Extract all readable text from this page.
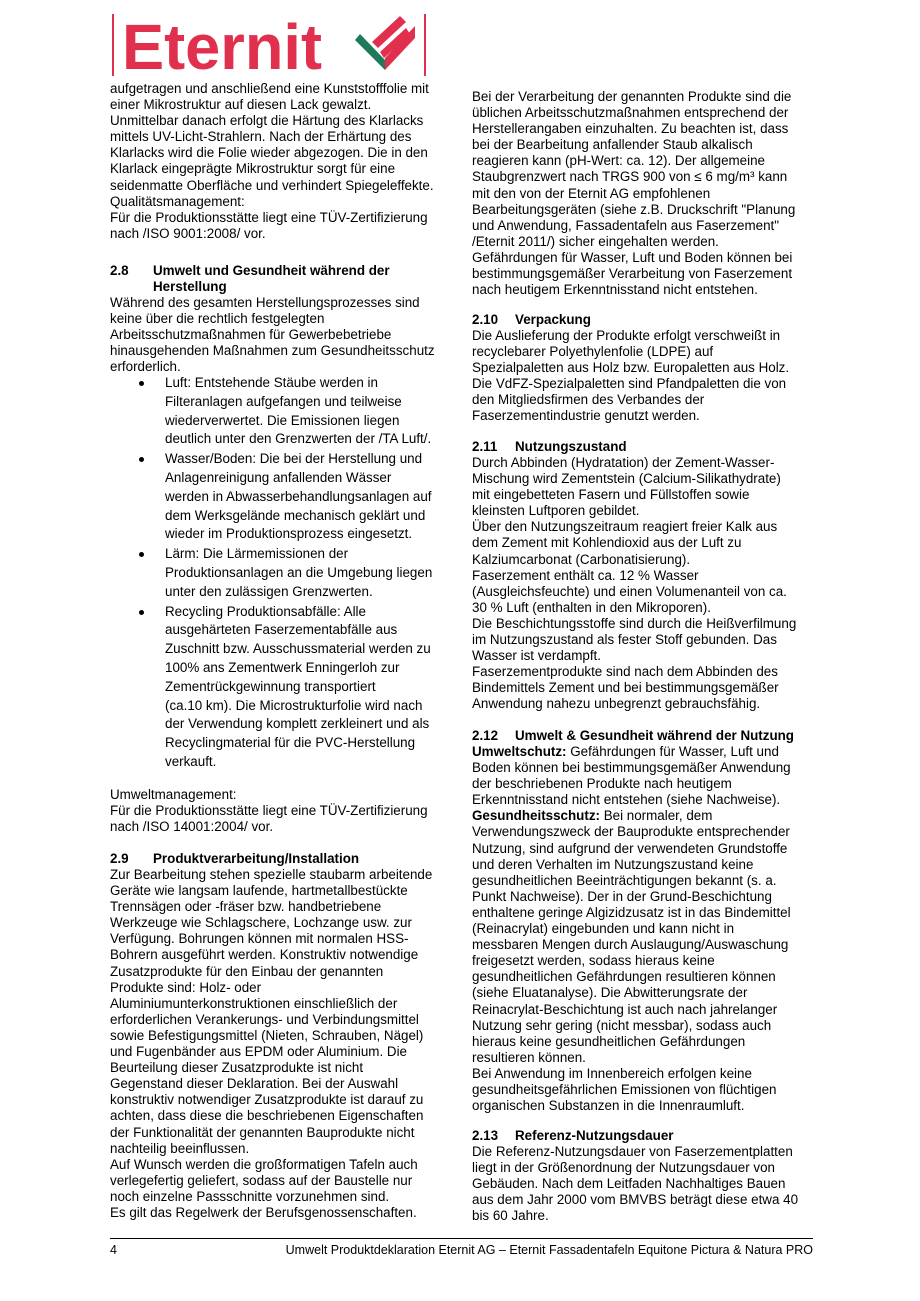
Eternit
aufgetragen und anschließend eine Kunststofffolie mit
einer Mikrostruktur auf diesen Lack gewalzt.
Unmittelbar danach erfolgt die Härtung des Klarlacks
mittels UV-Licht-Strahlern. Nach der Erhärtung des
Klarlacks wird die Folie wieder abgezogen. Die in den
Klarlack eingeprägte Mikrostruktur sorgt für eine
seidenmatte Oberfläche und verhindert Spiegeleffekte.
Qualitätsmanagement:
Für die Produktionsstätte liegt eine TÜV-Zertifizierung
nach /ISO 9001:2008/ vor.
2.8 Umwelt und Gesundheit während der
Herstellung
Während des gesamten Herstellungsprozesses sind
keine über die rechtlich festgelegten
Arbeitsschutzmaßnahmen für Gewerbebetriebe
hinausgehenden Maßnahmen zum Gesundheitsschutz
erforderlich.
Luft: Entstehende Stäube werden in
Filteranlagen aufgefangen und teilweise
wiederverwertet. Die Emissionen liegen
deutlich unter den Grenzwerten der /TA Luft/.
Wasser/Boden: Die bei der Herstellung und
Anlagenreinigung anfallenden Wässer
werden in Abwasserbehandlungsanlagen auf
dem Werksgelände mechanisch geklärt und
wieder im Produktionsprozess eingesetzt.
Lärm: Die Lärmemissionen der
Produktionsanlagen an die Umgebung liegen
unter den zulässigen Grenzwerten.
Recycling Produktionsabfälle: Alle
ausgehärteten Faserzementabfälle aus
Zuschnitt bzw. Ausschussmaterial werden zu
100% ans Zementwerk Enningerloh zur
Zementrückgewinnung transportiert
(ca.10 km). Die Microstrukturfolie wird nach
der Verwendung komplett zerkleinert und als
Recyclingmaterial für die PVC-Herstellung
verkauft.
Umweltmanagement:
Für die Produktionsstätte liegt eine TÜV-Zertifizierung
nach /ISO 14001:2004/ vor.
2.9 Produktverarbeitung/Installation
Zur Bearbeitung stehen spezielle staubarm arbeitende
Geräte wie langsam laufende, hartmetallbestückte
Trennsägen oder -fräser bzw. handbetriebene
Werkzeuge wie Schlagschere, Lochzange usw. zur
Verfügung. Bohrungen können mit normalen HSS-
Bohrern ausgeführt werden. Konstruktiv notwendige
Zusatzprodukte für den Einbau der genannten
Produkte sind: Holz- oder
Aluminiumunterkonstruktionen einschließlich der
erforderlichen Verankerungs- und Verbindungsmittel
sowie Befestigungsmittel (Nieten, Schrauben, Nägel)
und Fugenbänder aus EPDM oder Aluminium. Die
Beurteilung dieser Zusatzprodukte ist nicht
Gegenstand dieser Deklaration. Bei der Auswahl
konstruktiv notwendiger Zusatzprodukte ist darauf zu
achten, dass diese die beschriebenen Eigenschaften
der Funktionalität der genannten Bauprodukte nicht
nachteilig beeinflussen.
Auf Wunsch werden die großformatigen Tafeln auch
verlegefertig geliefert, sodass auf der Baustelle nur
noch einzelne Passschnitte vorzunehmen sind.
Es gilt das Regelwerk der Berufsgenossenschaften.
Bei der Verarbeitung der genannten Produkte sind die
üblichen Arbeitsschutzmaßnahmen entsprechend der
Herstellerangaben einzuhalten. Zu beachten ist, dass
bei der Bearbeitung anfallender Staub alkalisch
reagieren kann (pH-Wert: ca. 12). Der allgemeine
Staubgrenzwert nach TRGS 900 von ≤ 6 mg/m³ kann
mit den von der Eternit AG empfohlenen
Bearbeitungsgeräten (siehe z.B. Druckschrift "Planung
und Anwendung, Fassadentafeln aus Faserzement"
/Eternit 2011/) sicher eingehalten werden.
Gefährdungen für Wasser, Luft und Boden können bei
bestimmungsgemäßer Verarbeitung von Faserzement
nach heutigem Erkenntnisstand nicht entstehen.
2.10 Verpackung
Die Auslieferung der Produkte erfolgt verschweißt in
recyclebarer Polyethylenfolie (LDPE) auf
Spezialpaletten aus Holz bzw. Europaletten aus Holz.
Die VdFZ-Spezialpaletten sind Pfandpaletten die von
den Mitgliedsfirmen des Verbandes der
Faserzementindustrie genutzt werden.
2.11 Nutzungszustand
Durch Abbinden (Hydratation) der Zement-Wasser-
Mischung wird Zementstein (Calcium-Silikathydrate)
mit eingebetteten Fasern und Füllstoffen sowie
kleinsten Luftporen gebildet.
Über den Nutzungszeitraum reagiert freier Kalk aus
dem Zement mit Kohlendioxid aus der Luft zu
Kalziumcarbonat (Carbonatisierung).
Faserzement enthält ca. 12 % Wasser
(Ausgleichsfeuchte) und einen Volumenanteil von ca.
30 % Luft (enthalten in den Mikroporen).
Die Beschichtungsstoffe sind durch die Heißverfilmung
im Nutzungszustand als fester Stoff gebunden. Das
Wasser ist verdampft.
Faserzementprodukte sind nach dem Abbinden des
Bindemittels Zement und bei bestimmungsgemäßer
Anwendung nahezu unbegrenzt gebrauchsfähig.
2.12 Umwelt & Gesundheit während der Nutzung
Umweltschutz: Gefährdungen für Wasser, Luft und
Boden können bei bestimmungsgemäßer Anwendung
der beschriebenen Produkte nach heutigem
Erkenntnisstand nicht entstehen (siehe Nachweise).
Gesundheitsschutz: Bei normaler, dem
Verwendungszweck der Bauprodukte entsprechender
Nutzung, sind aufgrund der verwendeten Grundstoffe
und deren Verhalten im Nutzungszustand keine
gesundheitlichen Beeinträchtigungen bekannt (s. a.
Punkt Nachweise). Der in der Grund-Beschichtung
enthaltene geringe Algizidzusatz ist in das Bindemittel
(Reinacrylat) eingebunden und kann nicht in
messbaren Mengen durch Auslaugung/Auswaschung
freigesetzt werden, sodass hieraus keine
gesundheitlichen Gefährdungen resultieren können
(siehe Eluatanalyse). Die Abwitterungsrate der
Reinacrylat-Beschichtung ist auch nach jahrelanger
Nutzung sehr gering (nicht messbar), sodass auch
hieraus keine gesundheitlichen Gefährdungen
resultieren können.
Bei Anwendung im Innenbereich erfolgen keine
gesundheitsgefährlichen Emissionen von flüchtigen
organischen Substanzen in die Innenraumluft.
2.13 Referenz-Nutzungsdauer
Die Referenz-Nutzungsdauer von Faserzementplatten
liegt in der Größenordnung der Nutzungsdauer von
Gebäuden. Nach dem Leitfaden Nachhaltiges Bauen
aus dem Jahr 2000 vom BMVBS beträgt diese etwa 40
bis 60 Jahre.
4	Umwelt Produktdeklaration Eternit AG – Eternit Fassadentafeln Equitone Pictura & Natura PRO
